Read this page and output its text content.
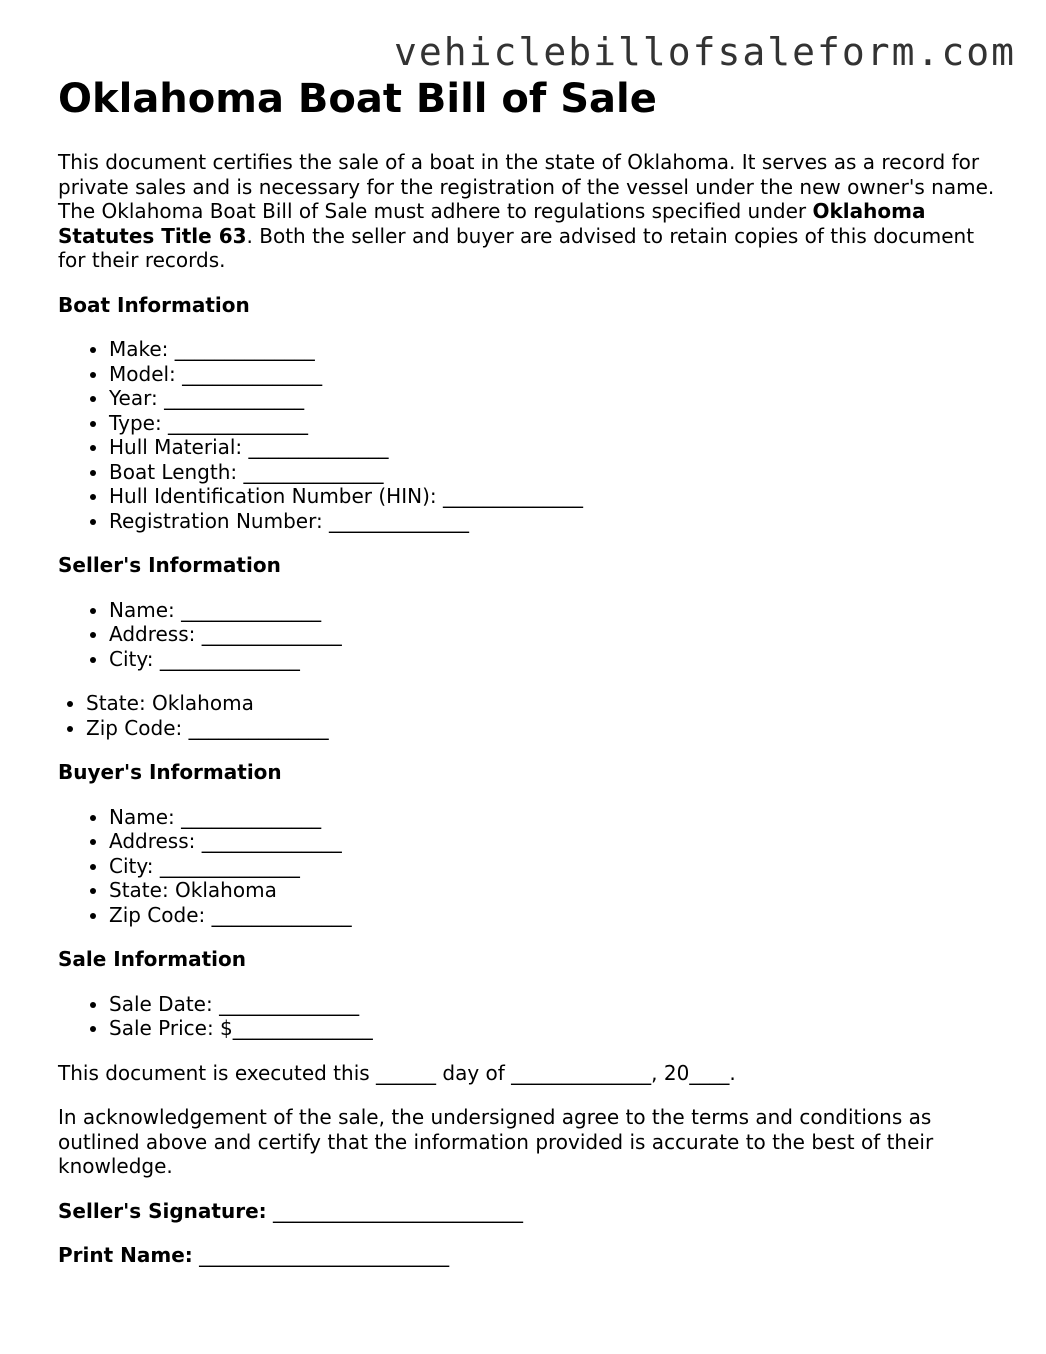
vehiclebillofsaleform.com
Oklahoma Boat Bill of Sale

This document certifies the sale of a boat in the state of Oklahoma. It serves as a record for private sales and is necessary for the registration of the vessel under the new owner's name. The Oklahoma Boat Bill of Sale must adhere to regulations specified under Oklahoma Statutes Title 63. Both the seller and buyer are advised to retain copies of this document for their records.

Boat Information
• Make: ______________
• Model: ______________
• Year: ______________
• Type: ______________
• Hull Material: ______________
• Boat Length: ______________
• Hull Identification Number (HIN): ______________
• Registration Number: ______________
Seller's Information
• Name: ______________
• Address: ______________
• City: ______________
• State: Oklahoma
• Zip Code: ______________
Buyer's Information
• Name: ______________
• Address: ______________
• City: ______________
• State: Oklahoma
• Zip Code: ______________
Sale Information
• Sale Date: ______________
• Sale Price: $______________

This document is executed this ______ day of ______________, 20____.

In acknowledgement of the sale, the undersigned agree to the terms and conditions as outlined above and certify that the information provided is accurate to the best of their knowledge.

Seller's Signature: _________________________
Print Name: _________________________
